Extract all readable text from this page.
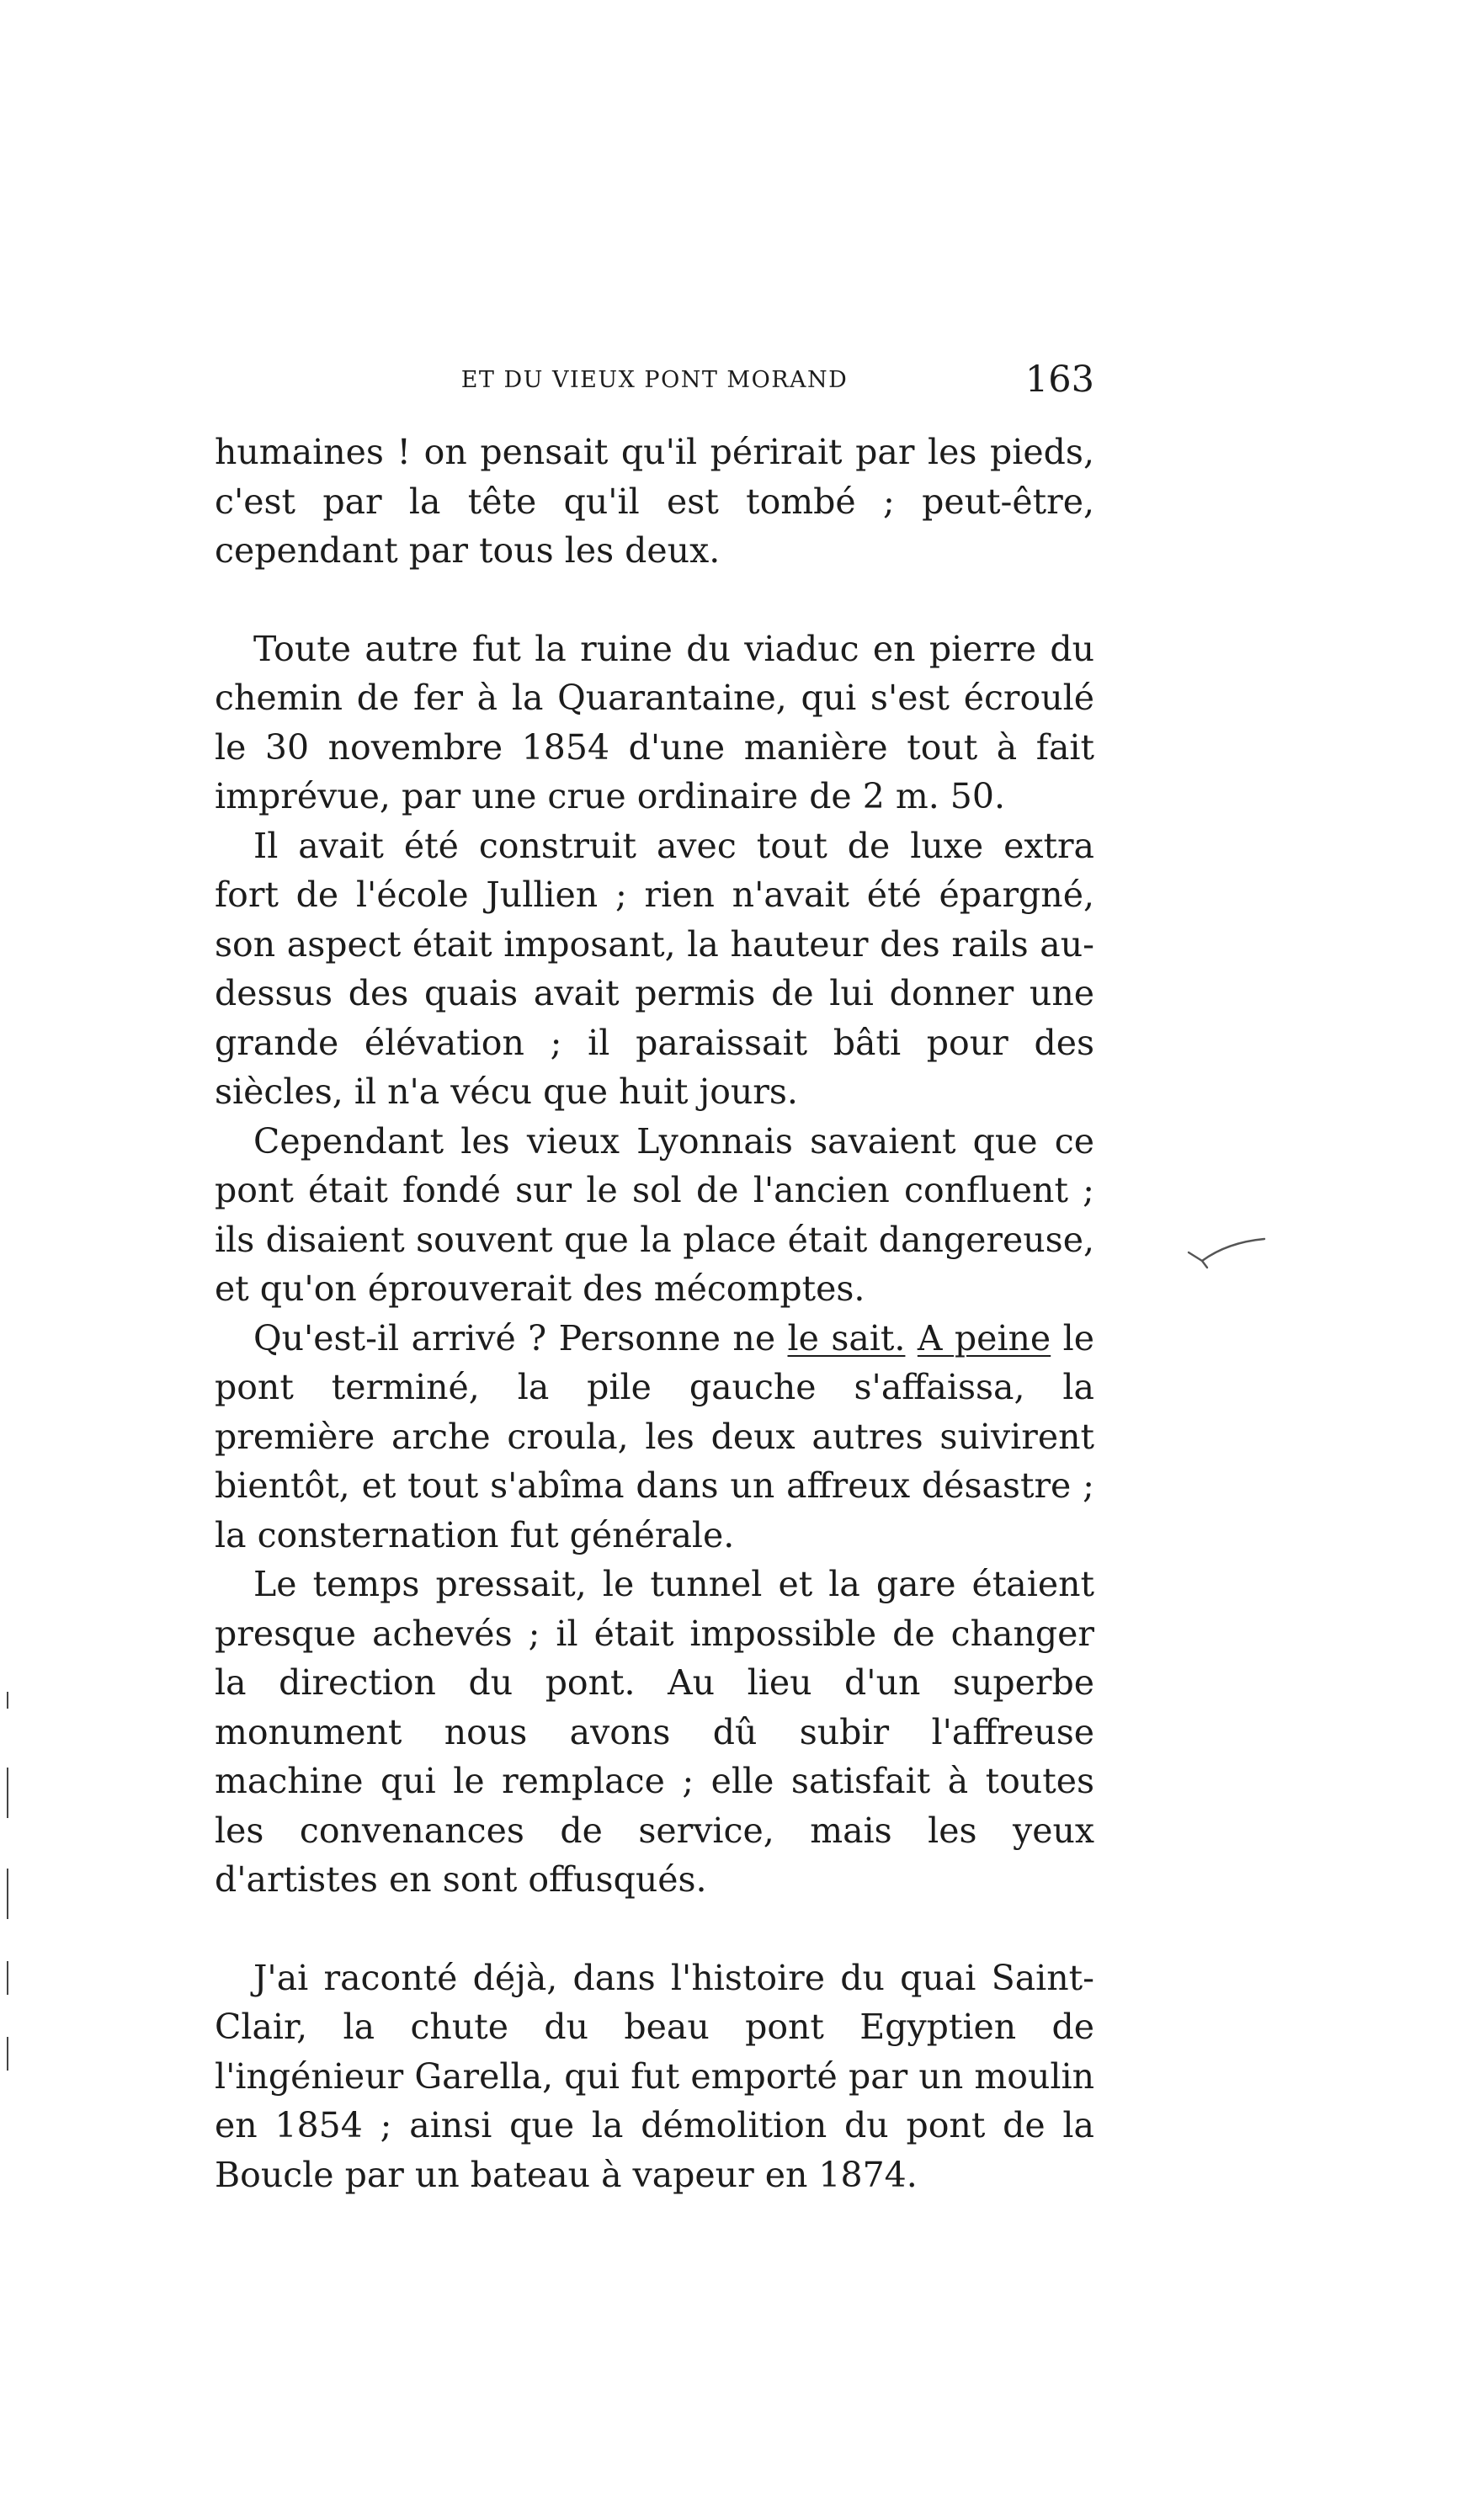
ET DU VIEUX PONT MORAND	163

humaines ! on pensait qu'il périrait par les pieds, c'est par la tête qu'il est tombé ; peut-être, cependant par tous les deux.

Toute autre fut la ruine du viaduc en pierre du chemin de fer à la Quarantaine, qui s'est écroulé le 30 novembre 1854 d'une manière tout à fait imprévue, par une crue ordinaire de 2 m. 50.

Il avait été construit avec tout de luxe extra fort de l'école Jullien ; rien n'avait été épargné, son aspect était imposant, la hauteur des rails au-dessus des quais avait permis de lui donner une grande élévation ; il paraissait bâti pour des siècles, il n'a vécu que huit jours.

Cependant les vieux Lyonnais savaient que ce pont était fondé sur le sol de l'ancien confluent ; ils disaient souvent que la place était dangereuse, et qu'on éprouverait des mécomptes.

Qu'est-il arrivé ? Personne ne le sait. A peine le pont terminé, la pile gauche s'affaissa, la première arche croula, les deux autres suivirent bientôt, et tout s'abîma dans un affreux désastre ; la consternation fut générale.

Le temps pressait, le tunnel et la gare étaient presque achevés ; il était impossible de changer la direction du pont. Au lieu d'un superbe monument nous avons dû subir l'affreuse machine qui le remplace ; elle satisfait à toutes les convenances de service, mais les yeux d'artistes en sont offusqués.

J'ai raconté déjà, dans l'histoire du quai Saint-Clair, la chute du beau pont Egyptien de l'ingénieur Garella, qui fut emporté par un moulin en 1854 ; ainsi que la démolition du pont de la Boucle par un bateau à vapeur en 1874.
